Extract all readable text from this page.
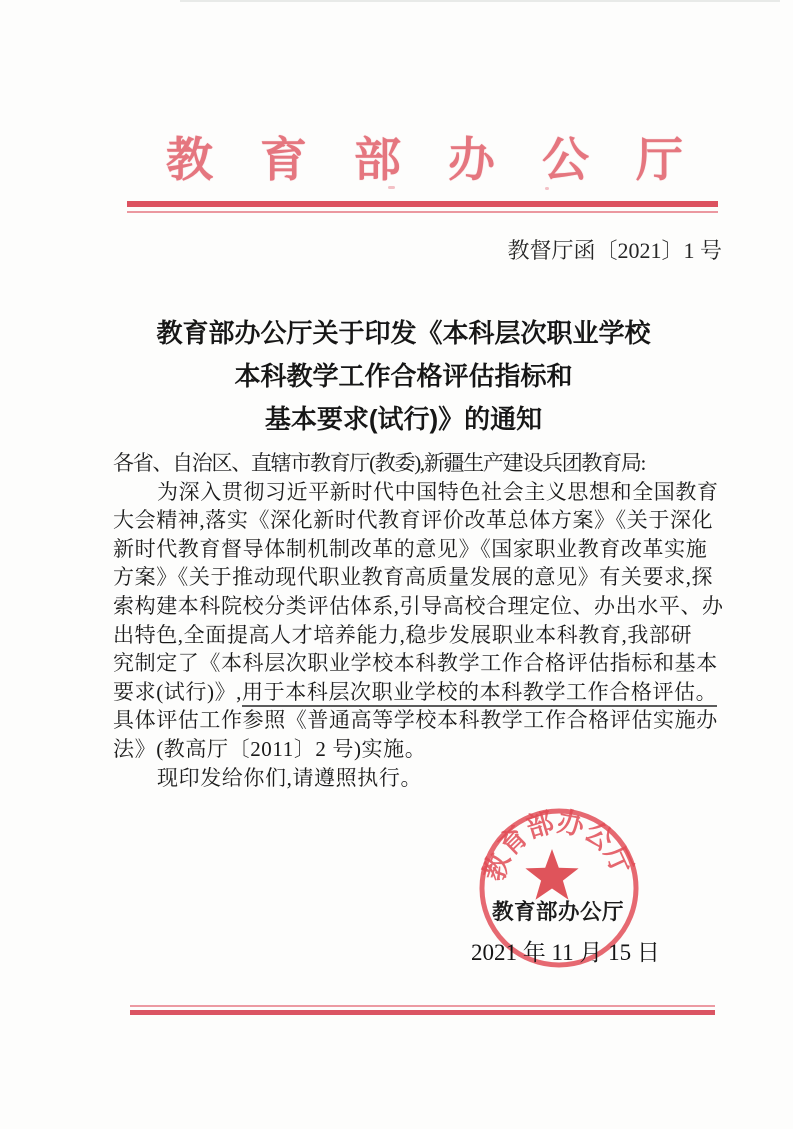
教育部办公厅
教督厅函〔2021〕1 号
教育部办公厅关于印发《本科层次职业学校
本科教学工作合格评估指标和
基本要求(试行)》的通知
各省、自治区、直辖市教育厅(教委),新疆生产建设兵团教育局:
为深入贯彻习近平新时代中国特色社会主义思想和全国教育
大会精神,落实《深化新时代教育评价改革总体方案》《关于深化
新时代教育督导体制机制改革的意见》《国家职业教育改革实施
方案》《关于推动现代职业教育高质量发展的意见》有关要求,探
索构建本科院校分类评估体系,引导高校合理定位、办出水平、办
出特色,全面提高人才培养能力,稳步发展职业本科教育,我部研
究制定了《本科层次职业学校本科教学工作合格评估指标和基本
要求(试行)》,用于本科层次职业学校的本科教学工作合格评估。
具体评估工作参照《普通高等学校本科教学工作合格评估实施办
法》(教高厅〔2011〕2 号)实施。
现印发给你们,请遵照执行。
教育部办公厅
教育部办公厅
2021 年 11 月 15 日
